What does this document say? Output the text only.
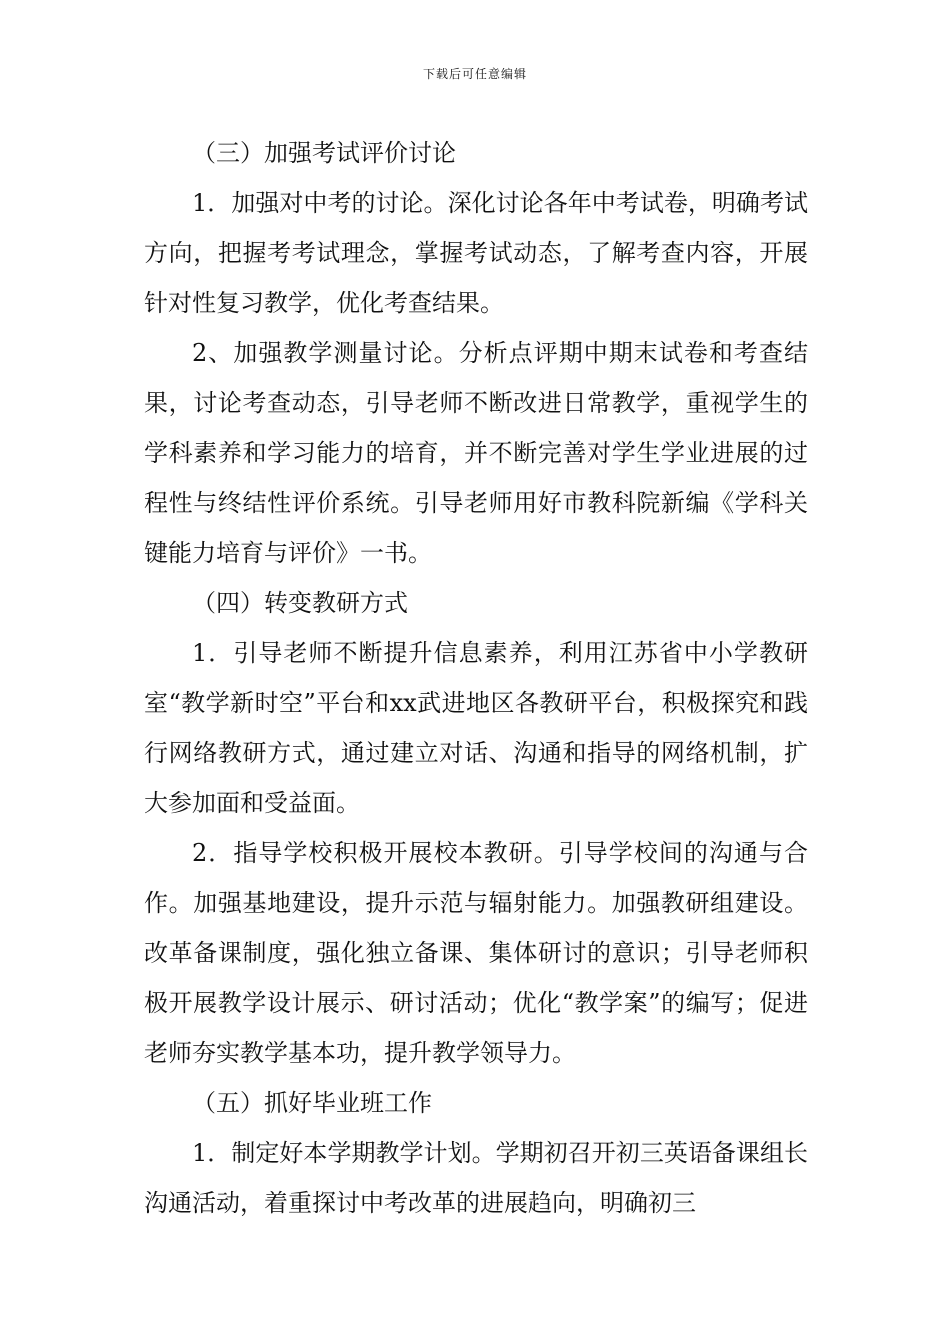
下载后可任意编辑

（三）加强考试评价讨论

1．加强对中考的讨论。深化讨论各年中考试卷，明确考试方向，把握考考试理念，掌握考试动态，了解考查内容，开展针对性复习教学，优化考查结果。

2、加强教学测量讨论。分析点评期中期末试卷和考查结果，讨论考查动态，引导老师不断改进日常教学，重视学生的学科素养和学习能力的培育，并不断完善对学生学业进展的过程性与终结性评价系统。引导老师用好市教科院新编《学科关键能力培育与评价》一书。

（四）转变教研方式

1．引导老师不断提升信息素养，利用江苏省中小学教研室“教学新时空”平台和xx武进地区各教研平台，积极探究和践行网络教研方式，通过建立对话、沟通和指导的网络机制，扩大参加面和受益面。

2．指导学校积极开展校本教研。引导学校间的沟通与合作。加强基地建设，提升示范与辐射能力。加强教研组建设。改革备课制度，强化独立备课、集体研讨的意识；引导老师积极开展教学设计展示、研讨活动；优化“教学案”的编写；促进老师夯实教学基本功，提升教学领导力。

（五）抓好毕业班工作

1．制定好本学期教学计划。学期初召开初三英语备课组长沟通活动，着重探讨中考改革的进展趋向，明确初三
